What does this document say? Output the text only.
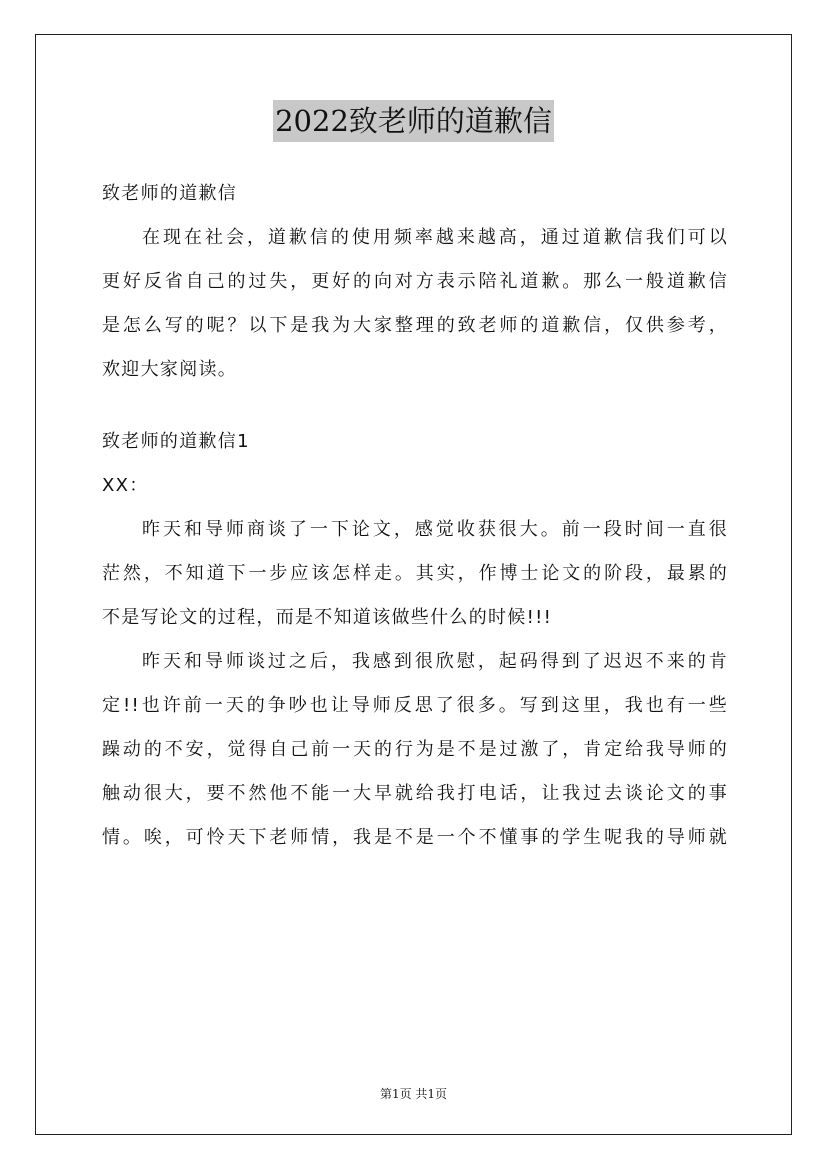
2022致老师的道歉信
致老师的道歉信
在现在社会，道歉信的使用频率越来越高，通过道歉信我们可以
更好反省自己的过失，更好的向对方表示陪礼道歉。那么一般道歉信
是怎么写的呢？以下是我为大家整理的致老师的道歉信，仅供参考，
欢迎大家阅读。
致老师的道歉信1
XX：
昨天和导师商谈了一下论文，感觉收获很大。前一段时间一直很
茫然，不知道下一步应该怎样走。其实，作博士论文的阶段，最累的
不是写论文的过程，而是不知道该做些什么的时候!!!
昨天和导师谈过之后，我感到很欣慰，起码得到了迟迟不来的肯
定!!也许前一天的争吵也让导师反思了很多。写到这里，我也有一些
躁动的不安，觉得自己前一天的行为是不是过激了，肯定给我导师的
触动很大，要不然他不能一大早就给我打电话，让我过去谈论文的事
情。唉，可怜天下老师情，我是不是一个不懂事的学生呢我的导师就
第1页 共1页
